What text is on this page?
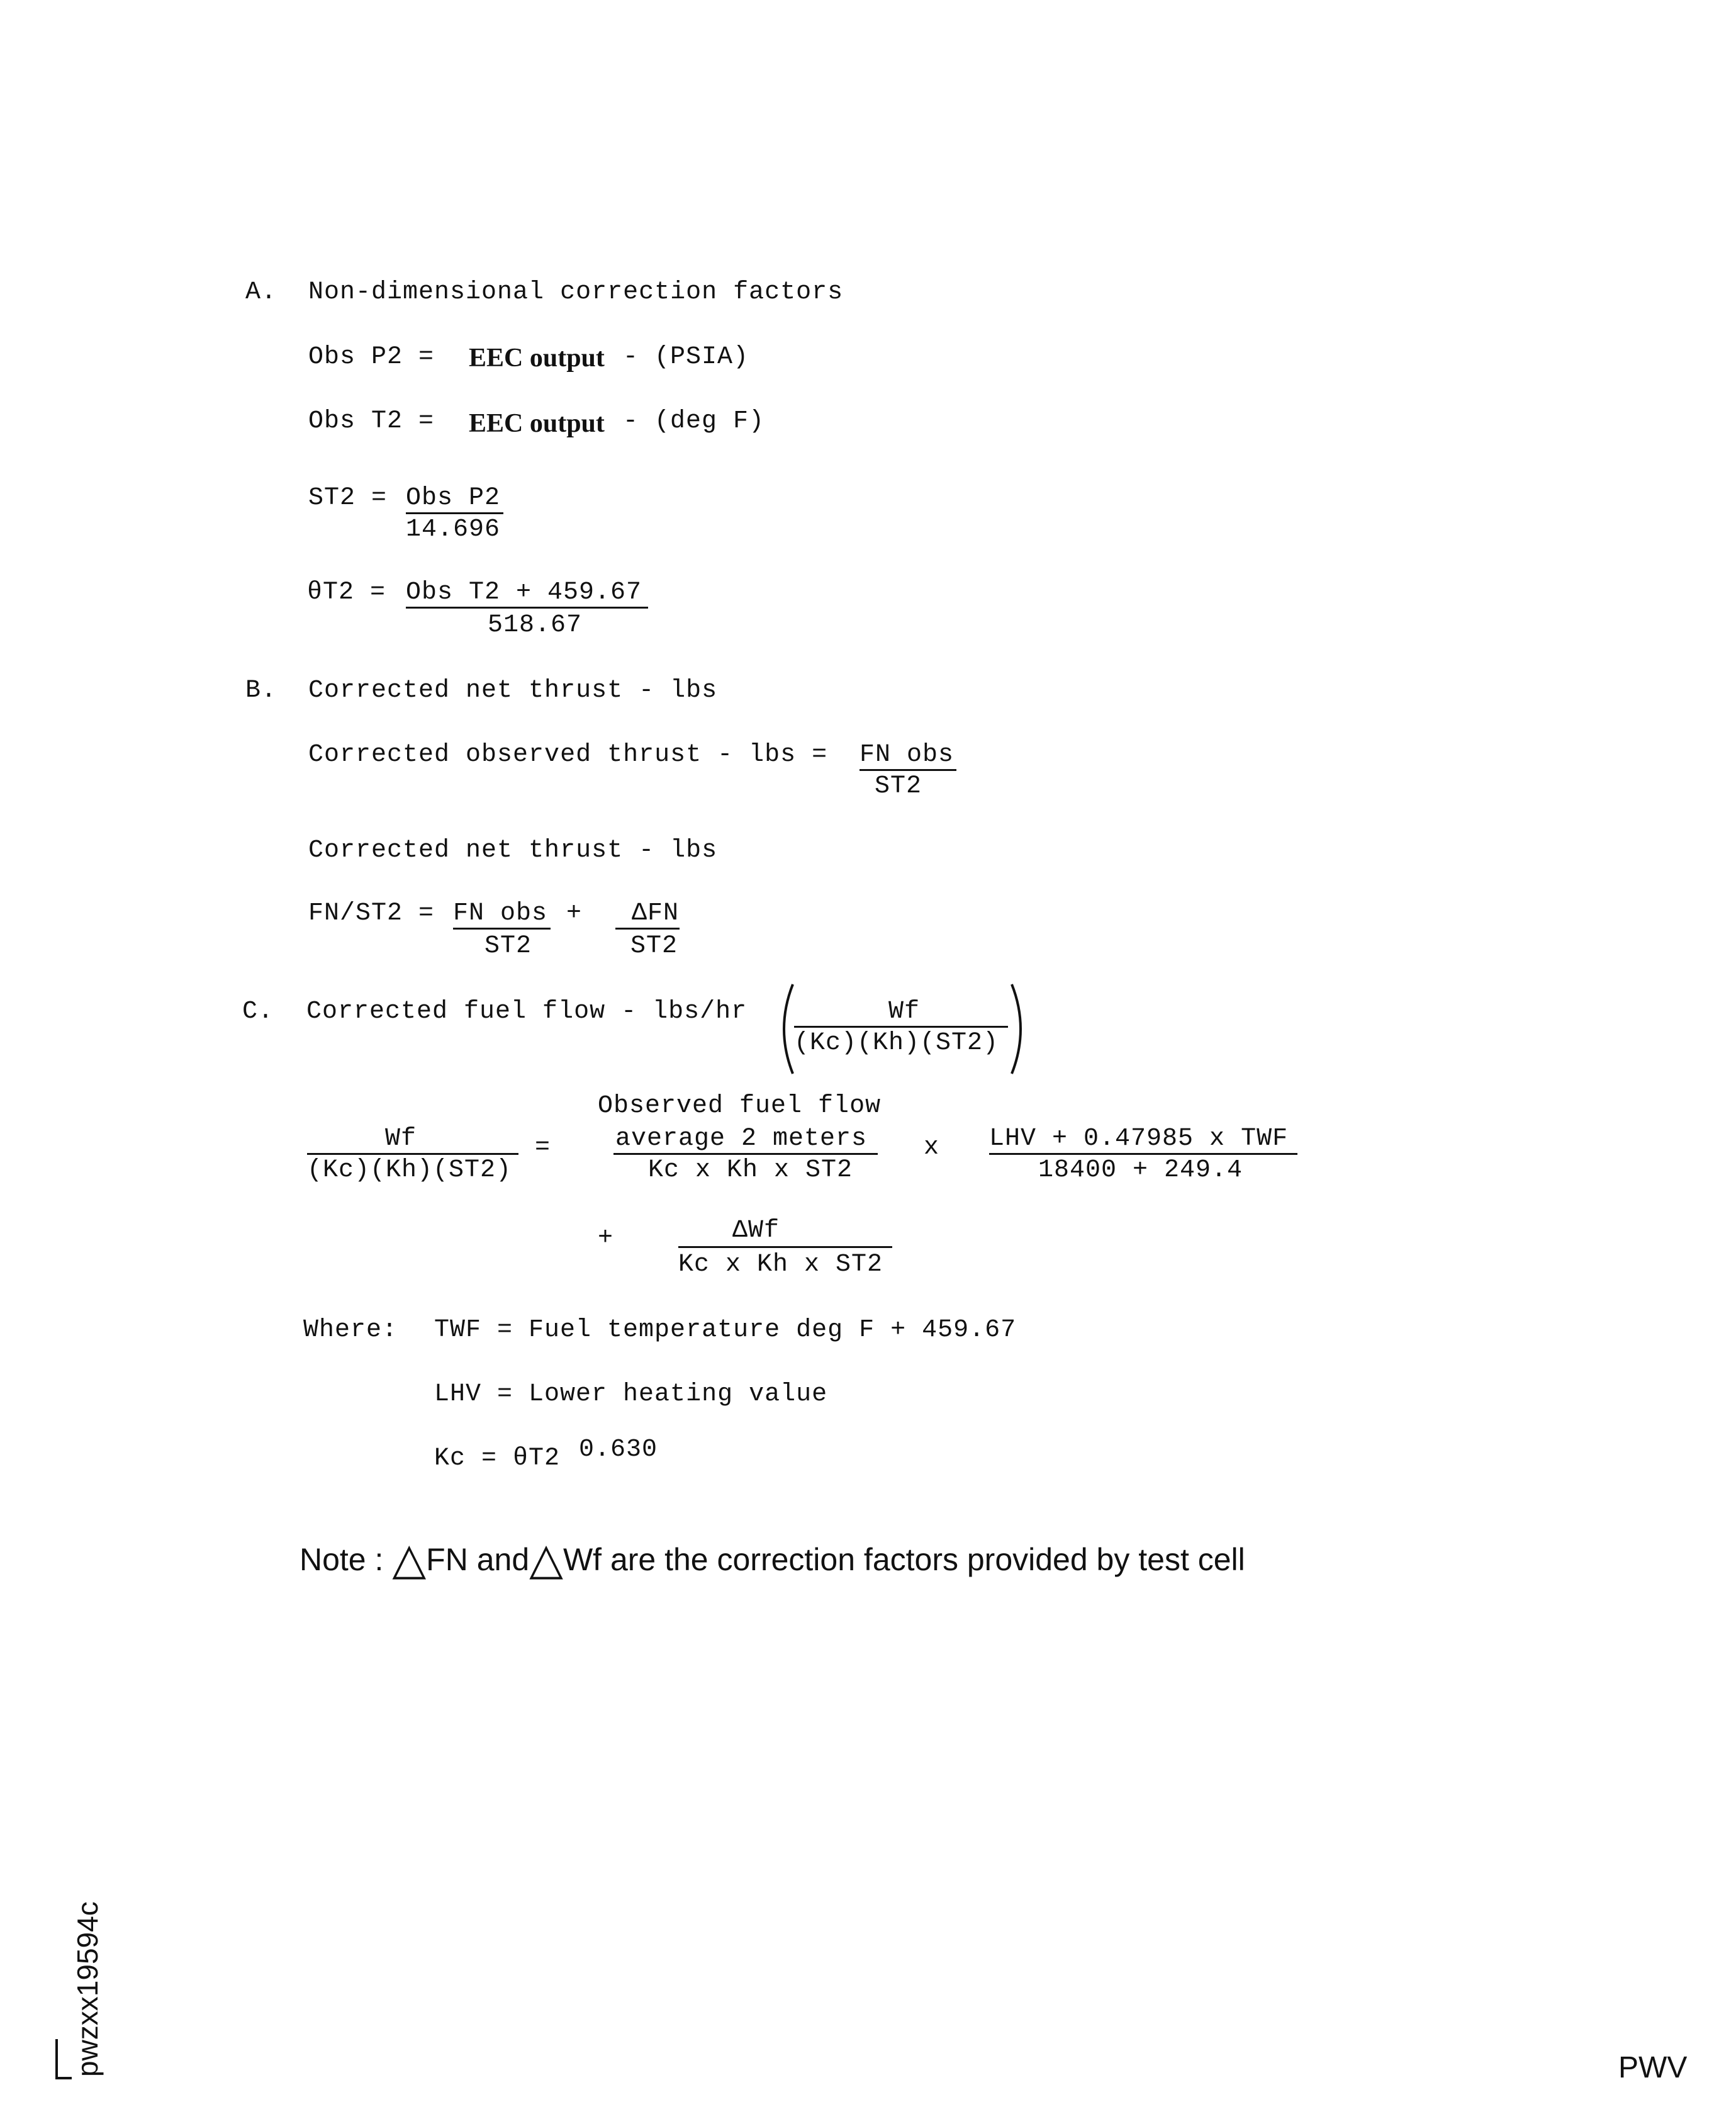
A. Non-dimensional correction factors
Obs P2 = EEC output - (PSIA)
Obs T2 = EEC output - (deg F)
ST2 = Obs P2
14.696
θT2 = Obs T2 + 459.67
518.67
B. Corrected net thrust - lbs
Corrected observed thrust - lbs = FN obs
ST2
Corrected net thrust - lbs
FN/ST2 = FN obs
ST2
+ ΔFN
ST2
C. Corrected fuel flow - lbs/hr	Wf
(Kc)(Kh)(ST2)
Observed fuel flow
Wf
(Kc)(Kh)(ST2)
=	average 2 meters
Kc x Kh x ST2
x LHV + 0.47985 x TWF
18400 + 249.4
+	ΔWf
Kc x Kh x ST2
Where: TWF = Fuel temperature deg F + 459.67
LHV = Lower heating value
Kc = θT2 0.630
Note : △FN and△Wf are the correction factors provided by test cell
pwzxx19594c	PWV
